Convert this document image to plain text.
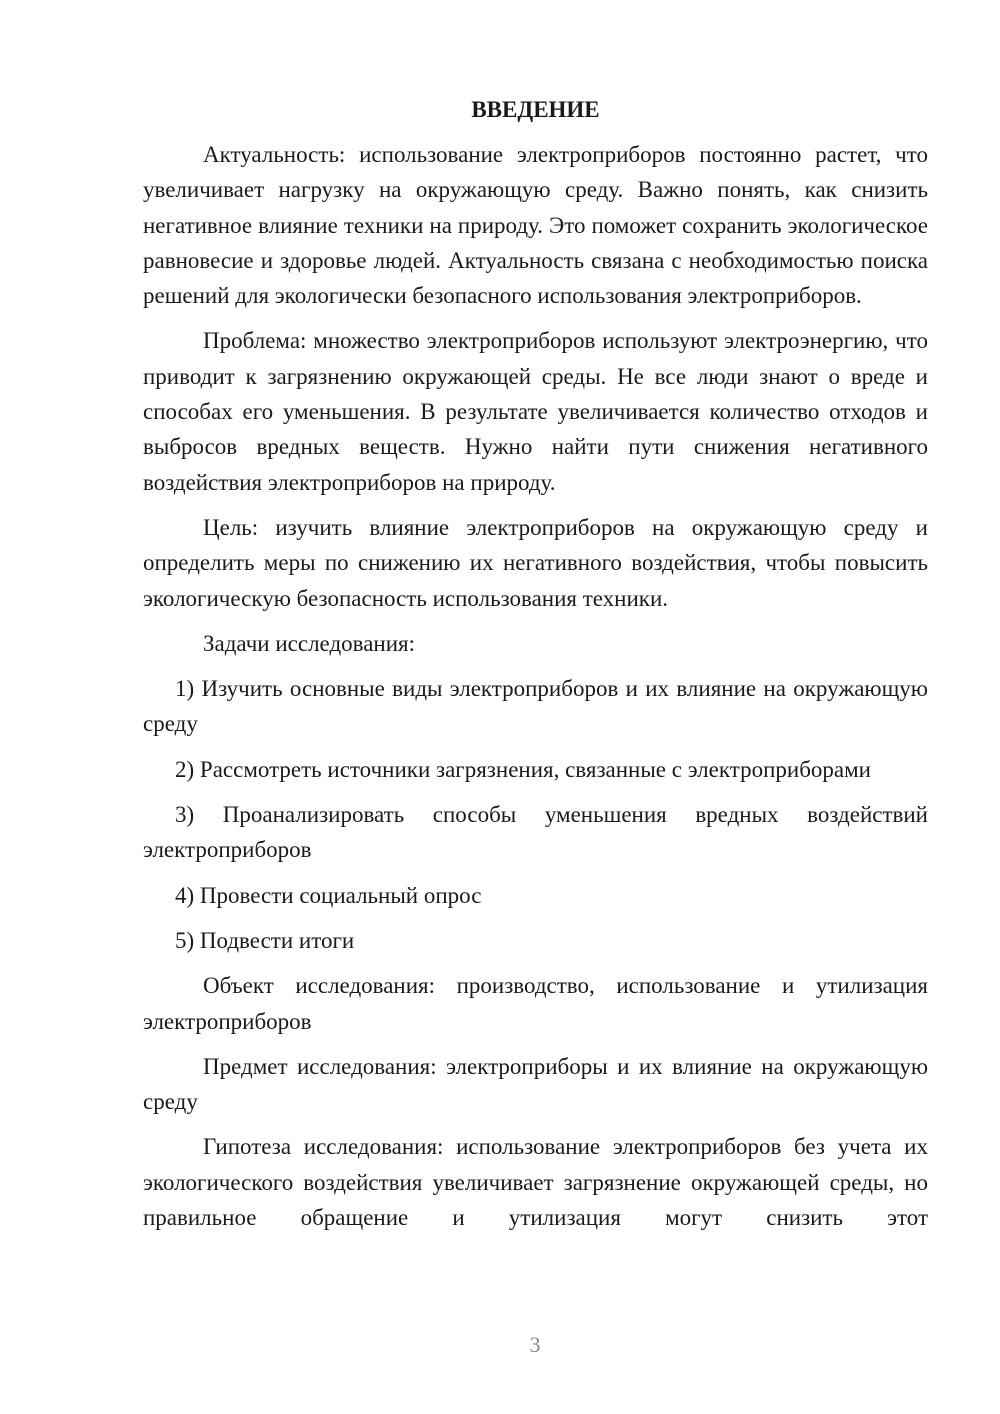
ВВЕДЕНИЕ

Актуальность: использование электроприборов постоянно растет, что увеличивает нагрузку на окружающую среду. Важно понять, как снизить негативное влияние техники на природу. Это поможет сохранить экологическое равновесие и здоровье людей. Актуальность связана с необходимостью поиска решений для экологически безопасного использования электроприборов.

Проблема: множество электроприборов используют электроэнергию, что приводит к загрязнению окружающей среды. Не все люди знают о вреде и способах его уменьшения. В результате увеличивается количество отходов и выбросов вредных веществ. Нужно найти пути снижения негативного воздействия электроприборов на природу.

Цель: изучить влияние электроприборов на окружающую среду и определить меры по снижению их негативного воздействия, чтобы повысить экологическую безопасность использования техники.

Задачи исследования:

1) Изучить основные виды электроприборов и их влияние на окружающую среду

2) Рассмотреть источники загрязнения, связанные с электроприборами

3) Проанализировать способы уменьшения вредных воздействий электроприборов

4) Провести социальный опрос

5) Подвести итоги

Объект исследования: производство, использование и утилизация электроприборов

Предмет исследования: электроприборы и их влияние на окружающую среду

Гипотеза исследования: использование электроприборов без учета их экологического воздействия увеличивает загрязнение окружающей среды, но правильное обращение и утилизация могут снизить этот

3
